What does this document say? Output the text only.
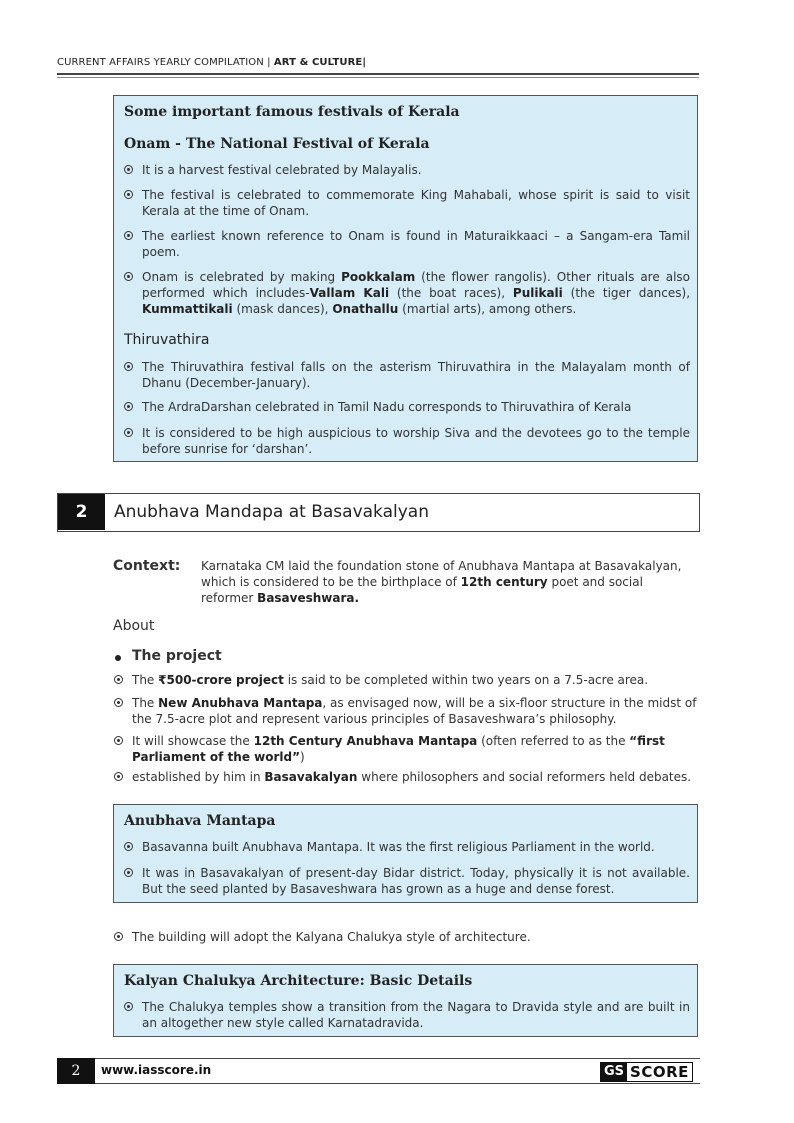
CURRENT AFFAIRS YEARLY COMPILATION | ART & CULTURE|
Some important famous festivals of Kerala
Onam - The National Festival of Kerala
It is a harvest festival celebrated by Malayalis.
The festival is celebrated to commemorate King Mahabali, whose spirit is said to visit Kerala at the time of Onam.
The earliest known reference to Onam is found in Maturaikkaaci – a Sangam-era Tamil poem.
Onam is celebrated by making Pookkalam (the flower rangolis). Other rituals are also performed which includes-Vallam Kali (the boat races), Pulikali (the tiger dances), Kummattikali (mask dances), Onathallu (martial arts), among others.
Thiruvathira
The Thiruvathira festival falls on the asterism Thiruvathira in the Malayalam month of Dhanu (December-January).
The ArdraDarshan celebrated in Tamil Nadu corresponds to Thiruvathira of Kerala
It is considered to be high auspicious to worship Siva and the devotees go to the temple before sunrise for ‘darshan’.
2	Anubhava Mandapa at Basavakalyan
Context: Karnataka CM laid the foundation stone of Anubhava Mantapa at Basavakalyan, which is considered to be the birthplace of 12th century poet and social reformer Basaveshwara.
About
The project
The ₹500-crore project is said to be completed within two years on a 7.5-acre area.
The New Anubhava Mantapa, as envisaged now, will be a six-floor structure in the midst of the 7.5-acre plot and represent various principles of Basaveshwara’s philosophy.
It will showcase the 12th Century Anubhava Mantapa (often referred to as the “first Parliament of the world”)
established by him in Basavakalyan where philosophers and social reformers held debates.
Anubhava Mantapa
Basavanna built Anubhava Mantapa. It was the first religious Parliament in the world.
It was in Basavakalyan of present-day Bidar district. Today, physically it is not available. But the seed planted by Basaveshwara has grown as a huge and dense forest.
The building will adopt the Kalyana Chalukya style of architecture.
Kalyan Chalukya Architecture: Basic Details
The Chalukya temples show a transition from the Nagara to Dravida style and are built in an altogether new style called Karnatadravida.
2	www.iasscore.in	GS SCORE
